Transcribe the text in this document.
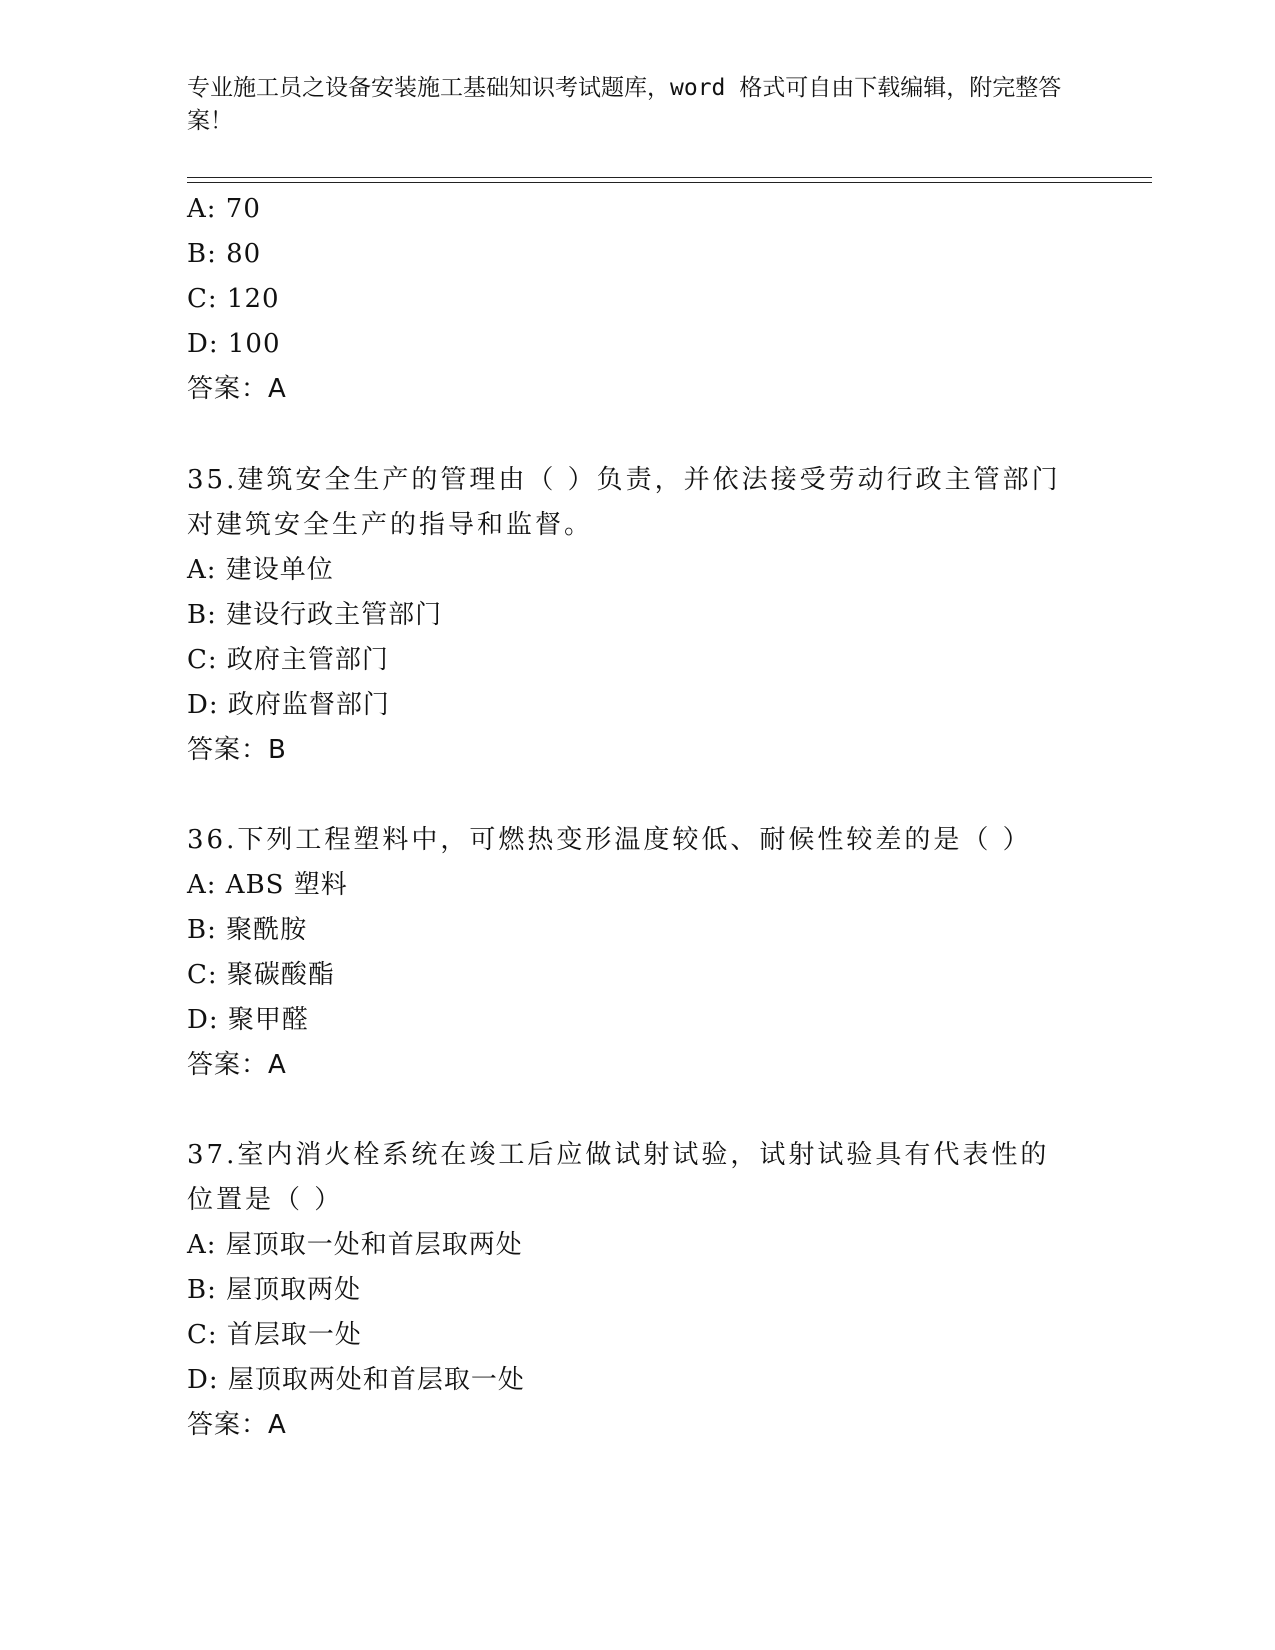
专业施工员之设备安装施工基础知识考试题库，word 格式可自由下载编辑，附完整答案！
A: 70
B: 80
C: 120
D: 100
答案：A
35.建筑安全生产的管理由（ ）负责，并依法接受劳动行政主管部门对建筑安全生产的指导和监督。
A: 建设单位
B: 建设行政主管部门
C: 政府主管部门
D: 政府监督部门
答案：B
36.下列工程塑料中，可燃热变形温度较低、耐候性较差的是（ ）
A: ABS 塑料
B: 聚酰胺
C: 聚碳酸酯
D: 聚甲醛
答案：A
37.室内消火栓系统在竣工后应做试射试验，试射试验具有代表性的位置是（ ）
A: 屋顶取一处和首层取两处
B: 屋顶取两处
C: 首层取一处
D: 屋顶取两处和首层取一处
答案：A
